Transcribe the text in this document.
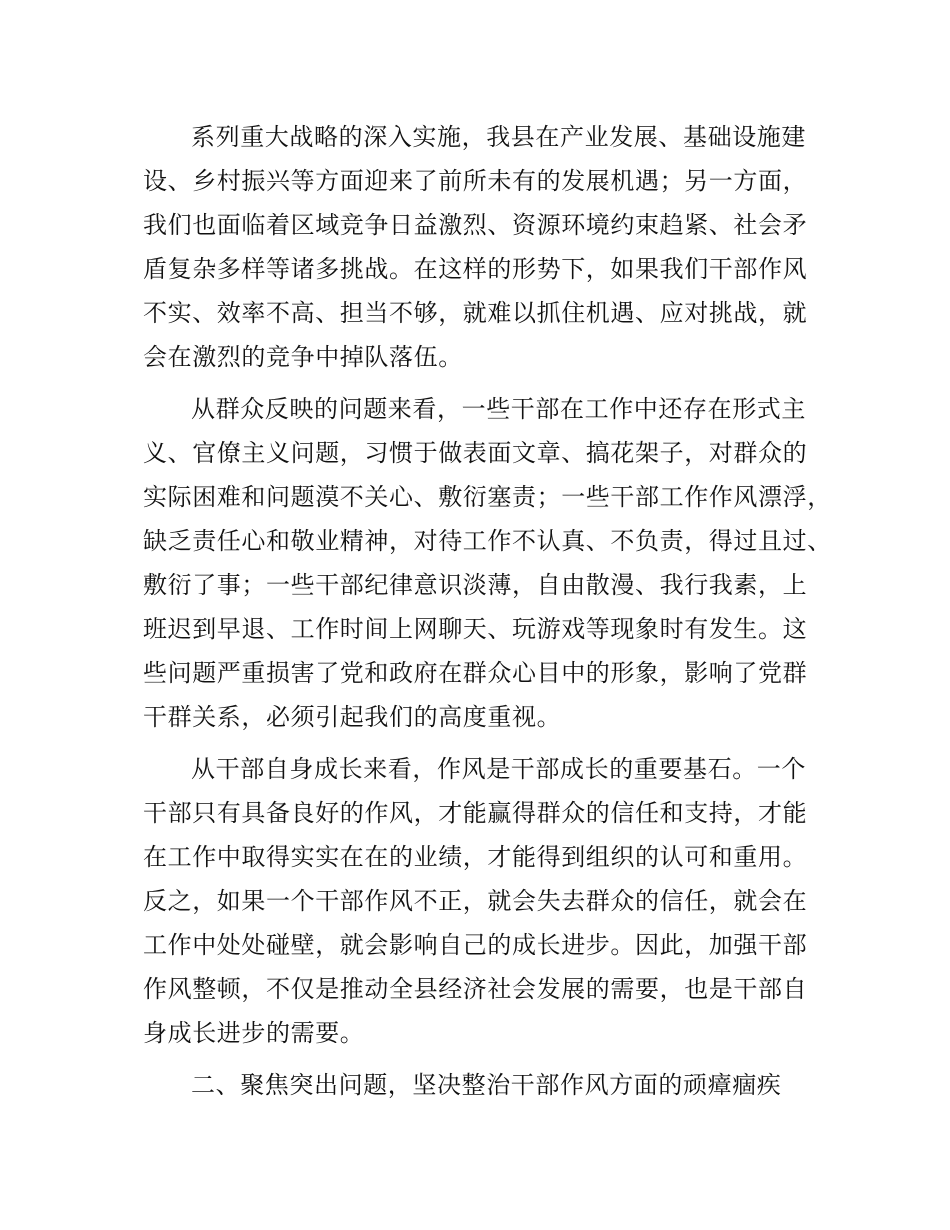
系列重大战略的深入实施，我县在产业发展、基础设施建
设、乡村振兴等方面迎来了前所未有的发展机遇；另一方面，
我们也面临着区域竞争日益激烈、资源环境约束趋紧、社会矛
盾复杂多样等诸多挑战。在这样的形势下，如果我们干部作风
不实、效率不高、担当不够，就难以抓住机遇、应对挑战，就
会在激烈的竞争中掉队落伍。
从群众反映的问题来看，一些干部在工作中还存在形式主
义、官僚主义问题，习惯于做表面文章、搞花架子，对群众的
实际困难和问题漠不关心、敷衍塞责；一些干部工作作风漂浮，
缺乏责任心和敬业精神，对待工作不认真、不负责，得过且过、
敷衍了事；一些干部纪律意识淡薄，自由散漫、我行我素，上
班迟到早退、工作时间上网聊天、玩游戏等现象时有发生。这
些问题严重损害了党和政府在群众心目中的形象，影响了党群
干群关系，必须引起我们的高度重视。
从干部自身成长来看，作风是干部成长的重要基石。一个
干部只有具备良好的作风，才能赢得群众的信任和支持，才能
在工作中取得实实在在的业绩，才能得到组织的认可和重用。
反之，如果一个干部作风不正，就会失去群众的信任，就会在
工作中处处碰壁，就会影响自己的成长进步。因此，加强干部
作风整顿，不仅是推动全县经济社会发展的需要，也是干部自
身成长进步的需要。
二、聚焦突出问题，坚决整治干部作风方面的顽瘴痼疾
